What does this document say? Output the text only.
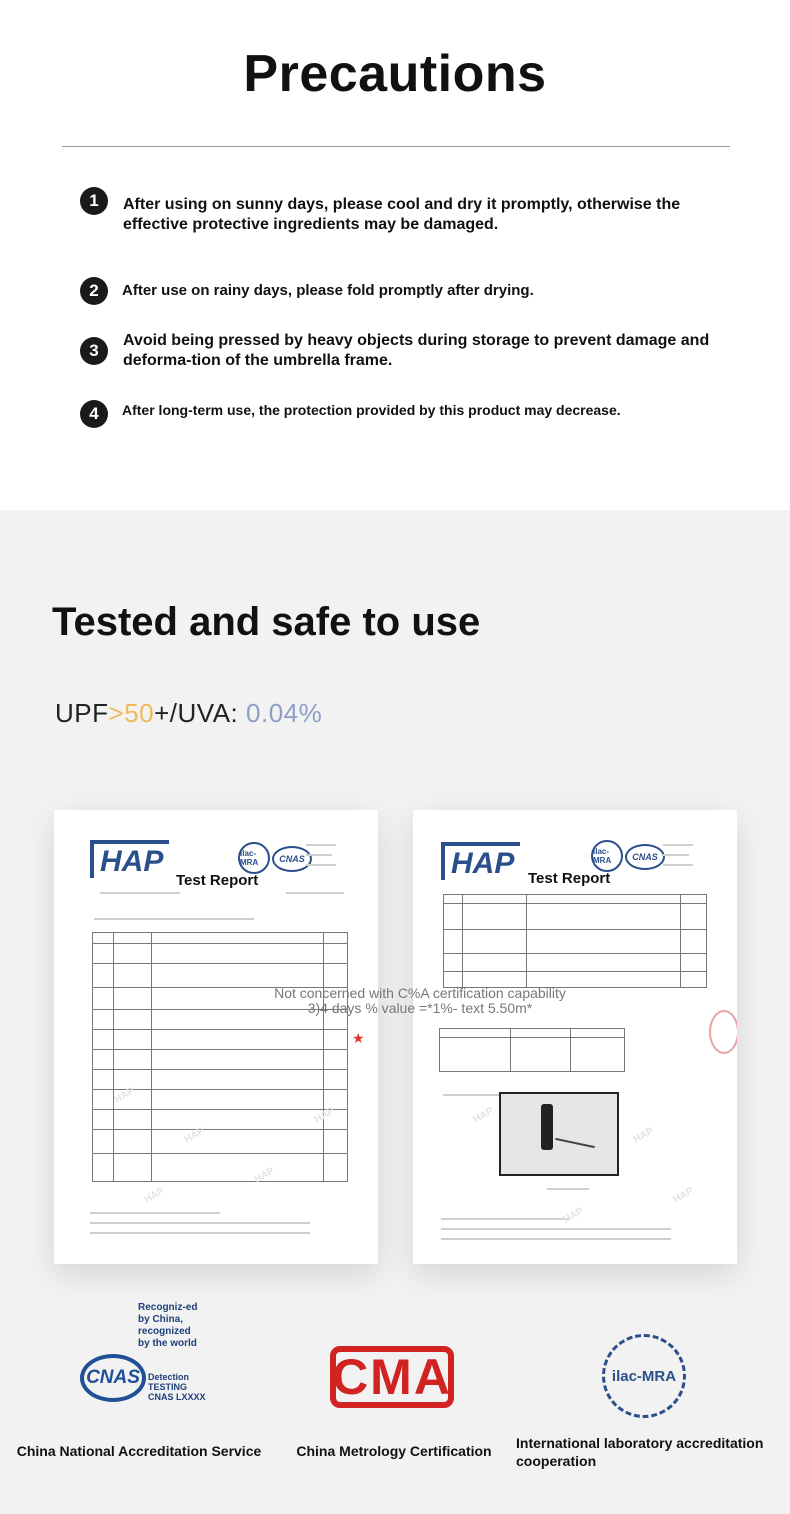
Precautions
1	After using on sunny days, please cool and dry it promptly, otherwise the effective protective ingredients may be damaged.
2	After use on rainy days, please fold promptly after drying.
3
Avoid being pressed by heavy objects during storage to prevent damage and deforma-tion of the umbrella frame.
4	After long-term use, the protection provided by this product may decrease.
Tested and safe to use
UPF>50+/UVA: 0.04%
HAP
Test Report
ilac-MRA	CNAS
★
HAP
HAP
HAP
HAP
HAP
HAP Test Report
ilac-MRA	CNAS
HAP
HAP
HAP
HAP
Not concerned with C%A certification capability
3)4 days % value =*1%- text 5.50m*
Recogniz-ed by China, recognized by the world
CNAS Detection
TESTING
CNAS LXXXX
China National Accreditation Service
CMA
China Metrology Certification
ilac-MRA
International laboratory accreditation cooperation
